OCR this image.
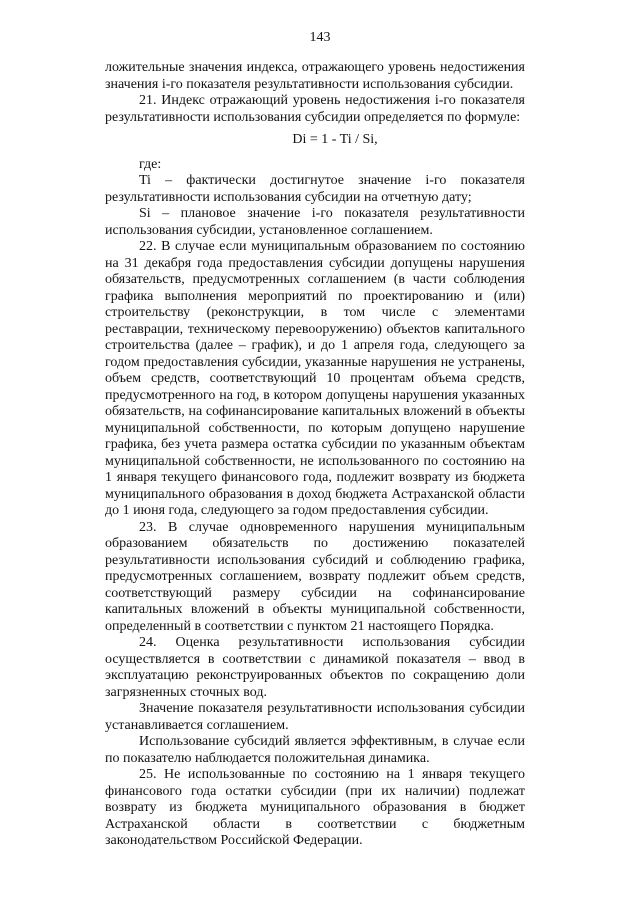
143

ложительные значения индекса, отражающего уровень недостижения значения i-го показателя результативности использования субсидии.

21. Индекс отражающий уровень недостижения i-го показателя результативности использования субсидии определяется по формуле:

Di = 1 - Ti / Si,

где:

Ti – фактически достигнутое значение i-го показателя результативности использования субсидии на отчетную дату;

Si – плановое значение i-го показателя результативности использования субсидии, установленное соглашением.

22. В случае если муниципальным образованием по состоянию на 31 декабря года предоставления субсидии допущены нарушения обязательств, предусмотренных соглашением (в части соблюдения графика выполнения мероприятий по проектированию и (или) строительству (реконструкции, в том числе с элементами реставрации, техническому перевооружению) объектов капитального строительства (далее – график), и до 1 апреля года, следующего за годом предоставления субсидии, указанные нарушения не устранены, объем средств, соответствующий 10 процентам объема средств, предусмотренного на год, в котором допущены нарушения указанных обязательств, на софинансирование капитальных вложений в объекты муниципальной собственности, по которым допущено нарушение графика, без учета размера остатка субсидии по указанным объектам муниципальной собственности, не использованного по состоянию на 1 января текущего финансового года, подлежит возврату из бюджета муниципального образования в доход бюджета Астраханской области до 1 июня года, следующего за годом предоставления субсидии.

23. В случае одновременного нарушения муниципальным образованием обязательств по достижению показателей результативности использования субсидий и соблюдению графика, предусмотренных соглашением, возврату подлежит объем средств, соответствующий размеру субсидии на софинансирование капитальных вложений в объекты муниципальной собственности, определенный в соответствии с пунктом 21 настоящего Порядка.

24. Оценка результативности использования субсидии осуществляется в соответствии с динамикой показателя – ввод в эксплуатацию реконструированных объектов по сокращению доли загрязненных сточных вод.

Значение показателя результативности использования субсидии устанавливается соглашением.

Использование субсидий является эффективным, в случае если по показателю наблюдается положительная динамика.

25. Не использованные по состоянию на 1 января текущего финансового года остатки субсидии (при их наличии) подлежат возврату из бюджета муниципального образования в бюджет Астраханской области в соответствии с бюджетным законодательством Российской Федерации.
